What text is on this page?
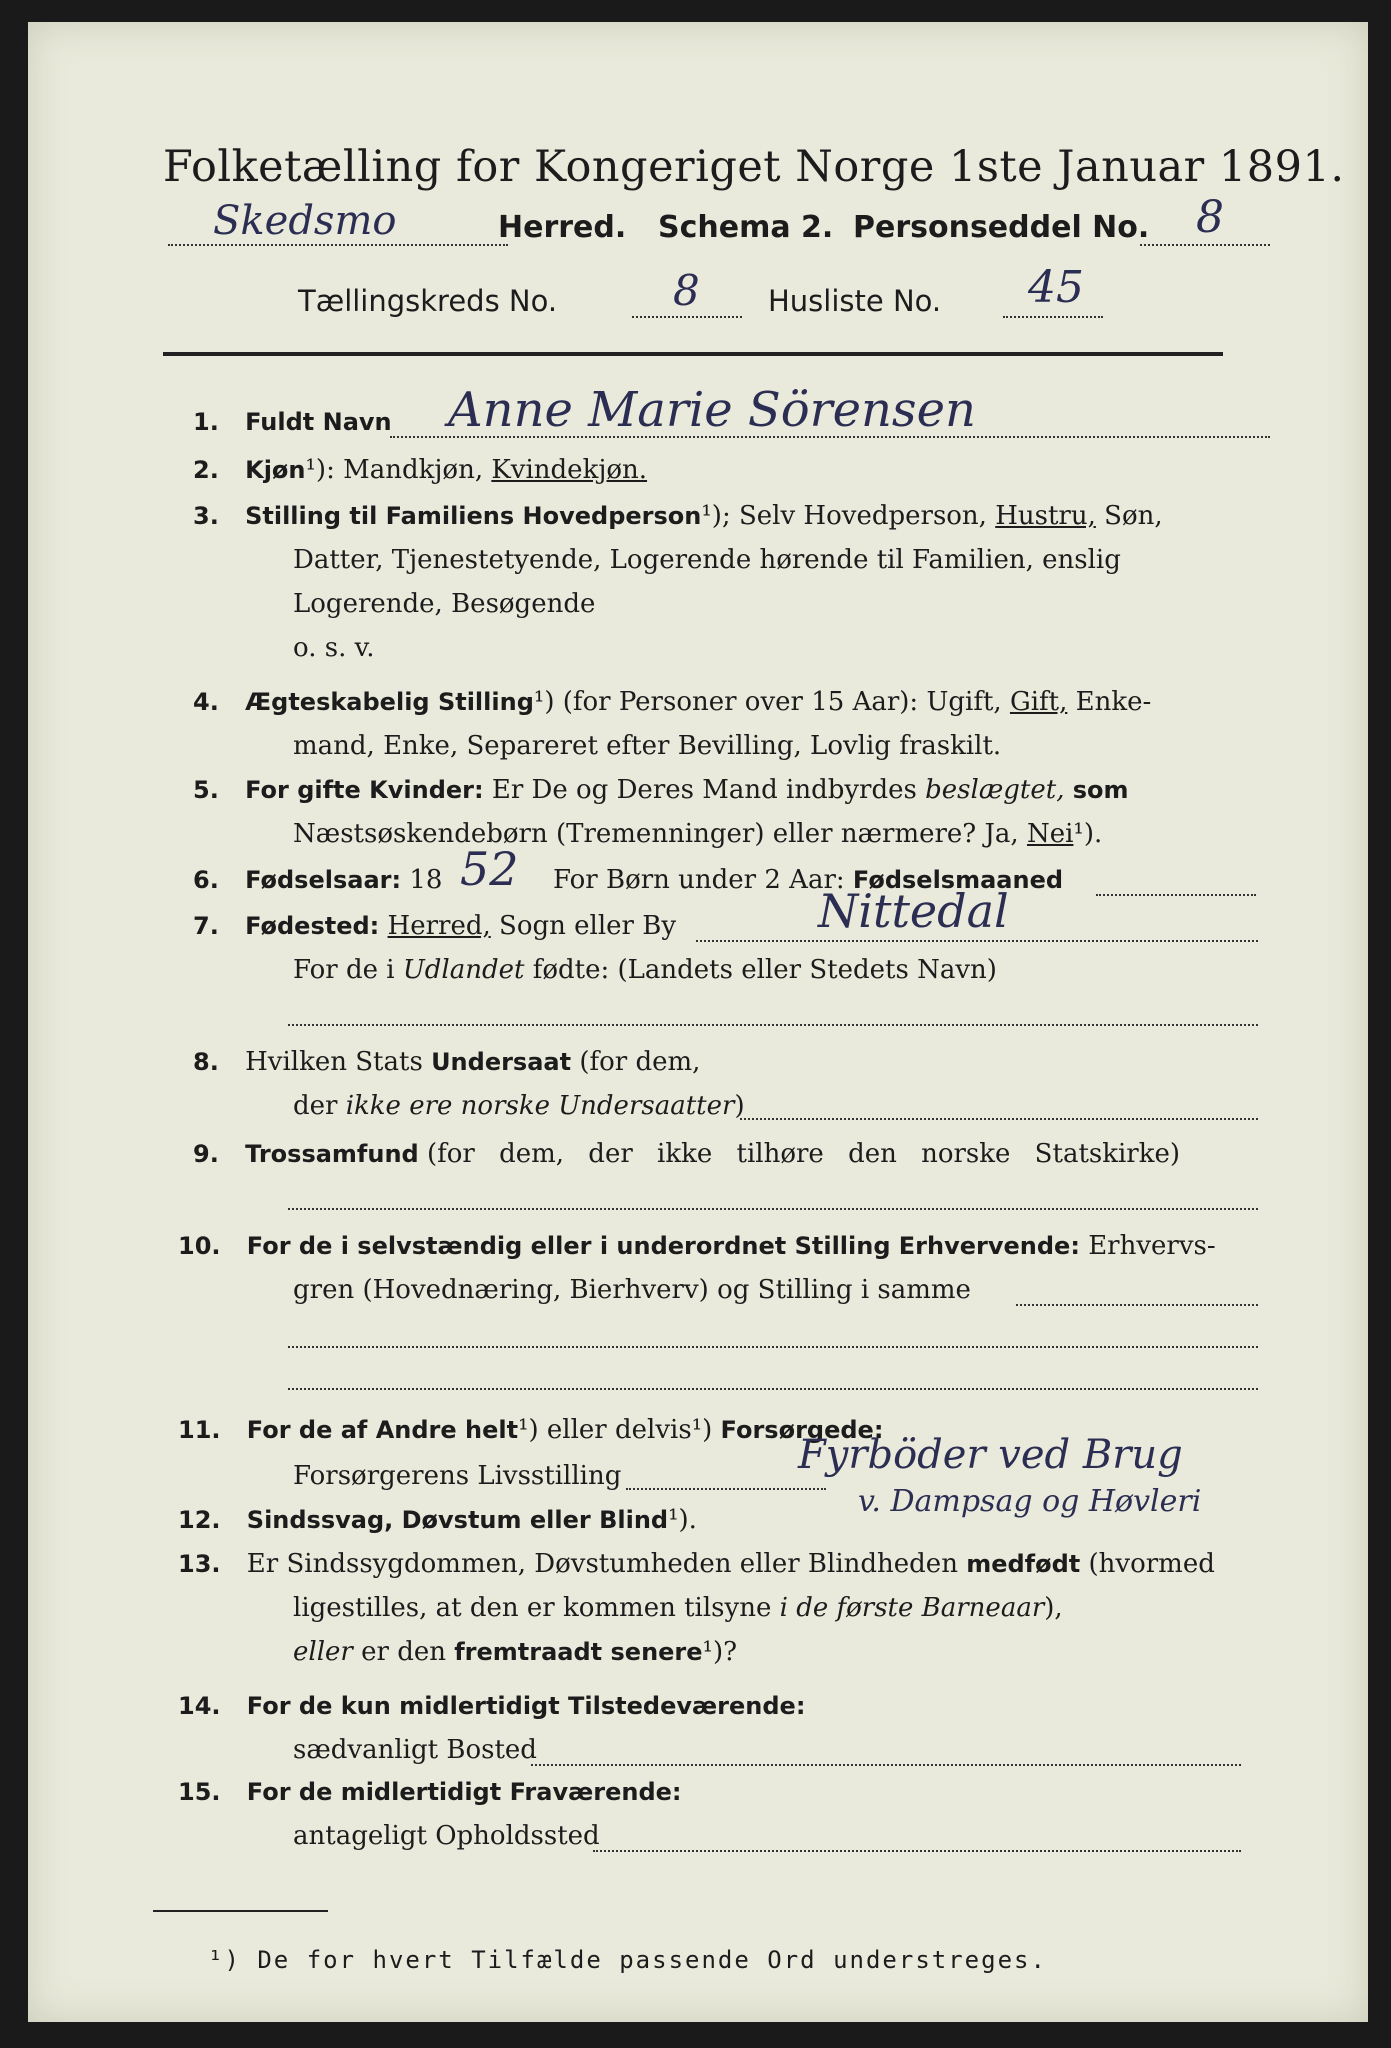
Folketælling for Kongeriget Norge 1ste Januar 1891.
Skedsmo	Herred. Schema 2. Personseddel No. 8
Tællingskreds No.	8 Husliste No. 45
1. Fuldt Navn Anne Marie Sörensen
2. Kjøn¹): Mandkjøn, Kvindekjøn.
3. Stilling til Familiens Hovedperson¹); Selv Hovedperson, Hustru, Søn,
Datter, Tjenestetyende, Logerende hørende til Familien, enslig
Logerende, Besøgende
o. s. v.
4. Ægteskabelig Stilling¹) (for Personer over 15 Aar): Ugift, Gift, Enke-
mand, Enke, Separeret efter Bevilling, Lovlig fraskilt.
5. For gifte Kvinder: Er De og Deres Mand indbyrdes beslægtet, som
Næstsøskendebørn (Tremenninger) eller nærmere? Ja, Nei¹).
6. Fødselsaar: 18 52 For Børn under 2 Aar: Fødselsmaaned
7. Fødested: Herred, Sogn eller By	Nittedal
For de i Udlandet fødte: (Landets eller Stedets Navn)
8. Hvilken Stats Undersaat (for dem,
der ikke ere norske Undersaatter)
9. Trossamfund (for dem, der ikke tilhøre den norske Statskirke)
10. For de i selvstændig eller i underordnet Stilling Erhvervende: Erhvervs-
gren (Hovednæring, Bierhverv) og Stilling i samme
11. For de af Andre helt¹) eller delvis¹) Forsørgede:
Forsørgerens Livsstilling	Fyrböder ved Brug
v. Dampsag og Høvleri
12. Sindssvag, Døvstum eller Blind¹).
13. Er Sindssygdommen, Døvstumheden eller Blindheden medfødt (hvormed
ligestilles, at den er kommen tilsyne i de første Barneaar),
eller er den fremtraadt senere¹)?
14. For de kun midlertidigt Tilstedeværende:
sædvanligt Bosted
15. For de midlertidigt Fraværende:
antageligt Opholdssted
¹) De for hvert Tilfælde passende Ord understreges.
